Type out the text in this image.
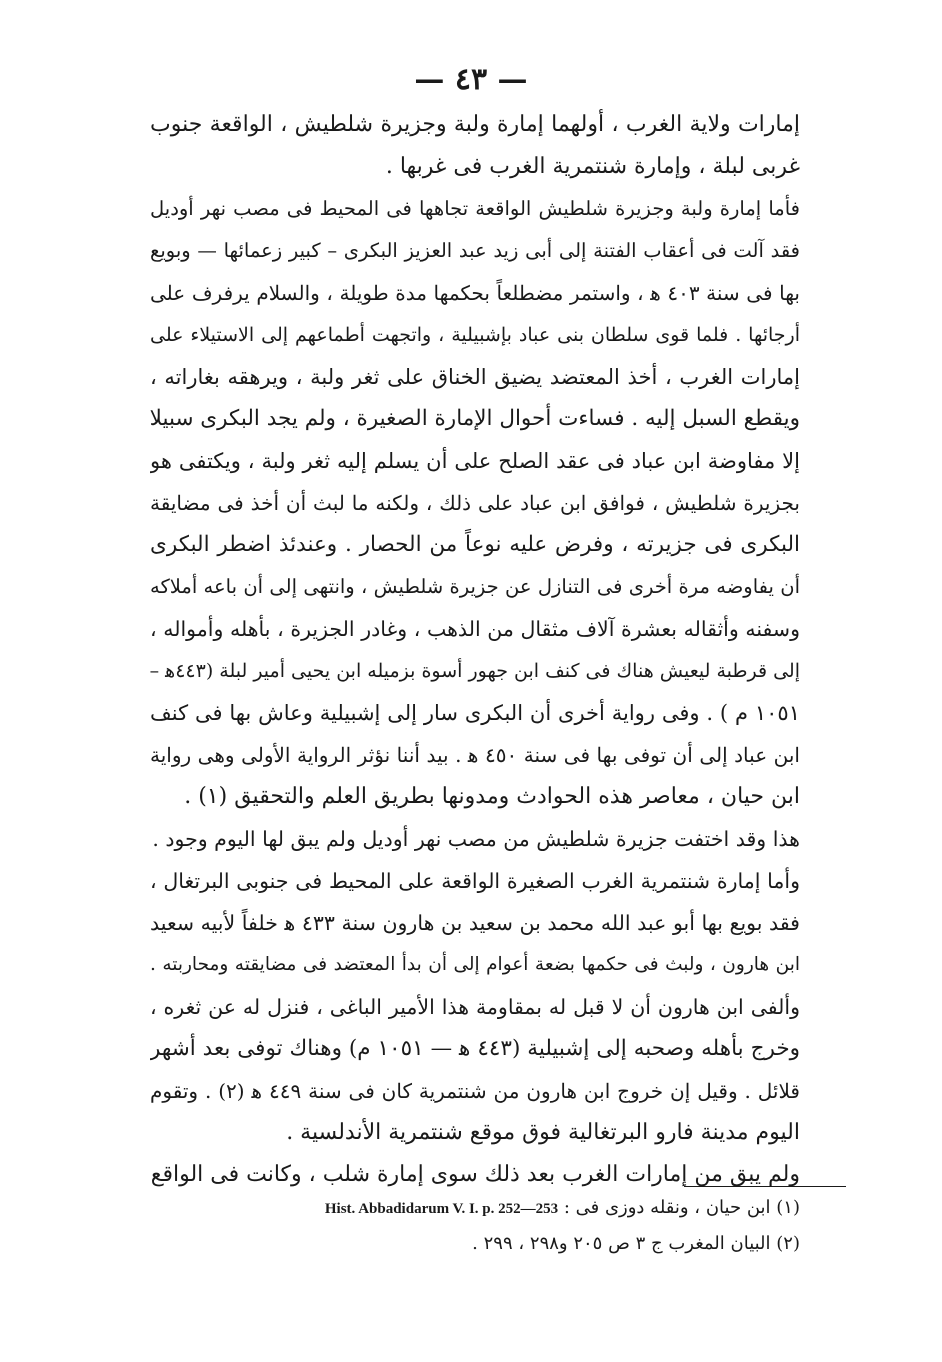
— ٤٣ —
إمارات ولاية الغرب ، أولهما إمارة ولبة وجزيرة شلطيش ، الواقعة جنوب
غربى لبلة ، وإمارة شنتمرية الغرب فى غربها .
فأما إمارة ولبة وجزيرة شلطيش الواقعة تجاهها فى المحيط فى مصب نهر أوديل
فقد آلت فى أعقاب الفتنة إلى أبى زيد عبد العزيز البكرى – كبير زعمائها — وبويع
بها فى سنة ٤٠٣ ﻫ ، واستمر مضطلعاً بحكمها مدة طويلة ، والسلام يرفرف على
أرجائها . فلما قوى سلطان بنى عباد بإشبيلية ، واتجهت أطماعهم إلى الاستيلاء على
إمارات الغرب ، أخذ المعتضد يضيق الخناق على ثغر ولبة ، ويرهقه بغاراته ،
ويقطع السبل إليه . فساءت أحوال الإمارة الصغيرة ، ولم يجد البكرى سبيلا
إلا مفاوضة ابن عباد فى عقد الصلح على أن يسلم إليه ثغر ولبة ، ويكتفى هو
بجزيرة شلطيش ، فوافق ابن عباد على ذلك ، ولكنه ما لبث أن أخذ فى مضايقة
البكرى فى جزيرته ، وفرض عليه نوعاً من الحصار . وعندئذ اضطر البكرى
أن يفاوضه مرة أخرى فى التنازل عن جزيرة شلطيش ، وانتهى إلى أن باعه أملاكه
وسفنه وأثقاله بعشرة آلاف مثقال من الذهب ، وغادر الجزيرة ، بأهله وأمواله ،
إلى قرطبة ليعيش هناك فى كنف ابن جهور أسوة بزميله ابن يحيى أمير لبلة (٤٤٣ﻫ –
١٠٥١ م ) . وفى رواية أخرى أن البكرى سار إلى إشبيلية وعاش بها فى كنف
ابن عباد إلى أن توفى بها فى سنة ٤٥٠ ﻫ . بيد أننا نؤثر الرواية الأولى وهى رواية
ابن حيان ، معاصر هذه الحوادث ومدونها بطريق العلم والتحقيق (١) .
هذا وقد اختفت جزيرة شلطيش من مصب نهر أوديل ولم يبق لها اليوم وجود .
وأما إمارة شنتمرية الغرب الصغيرة الواقعة على المحيط فى جنوبى البرتغال ،
فقد بويع بها أبو عبد الله محمد بن سعيد بن هارون سنة ٤٣٣ ﻫ خلفاً لأبيه سعيد
ابن هارون ، ولبث فى حكمها بضعة أعوام إلى أن بدأ المعتضد فى مضايقته ومحاربته .
وألفى ابن هارون أن لا قبل له بمقاومة هذا الأمير الباغى ، فنزل له عن ثغره ،
وخرج بأهله وصحبه إلى إشبيلية (٤٤٣ ﻫ — ١٠٥١ م) وهناك توفى بعد أشهر
قلائل . وقيل إن خروج ابن هارون من شنتمرية كان فى سنة ٤٤٩ ﻫ (٢) . وتقوم
اليوم مدينة فارو البرتغالية فوق موقع شنتمرية الأندلسية .
ولم يبق من إمارات الغرب بعد ذلك سوى إمارة شلب ، وكانت فى الواقع
(١) ابن حيان ، ونقله دوزى فى : Hist. Abbadidarum V. I. p. 252—253
(٢) البيان المغرب ج ٣ ص ٢٠٥ و٢٩٨ ، ٢٩٩ .
